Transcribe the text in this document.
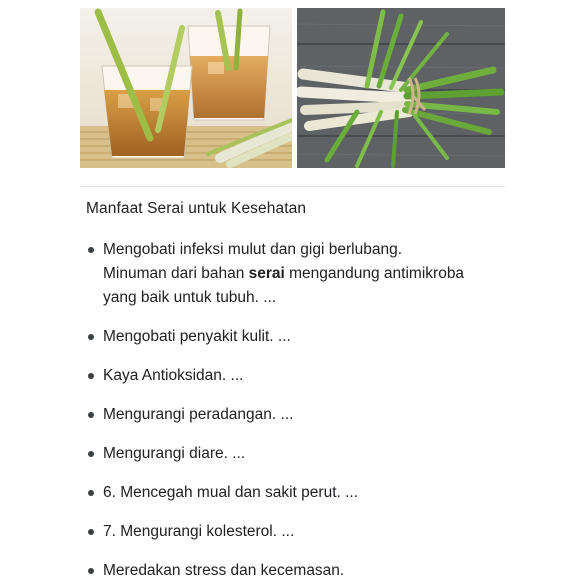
Manfaat Serai untuk Kesehatan
Mengobati infeksi mulut dan gigi berlubang.
Minuman dari bahan serai mengandung antimikroba
yang baik untuk tubuh. ...
Mengobati penyakit kulit. ...
Kaya Antioksidan. ...
Mengurangi peradangan. ...
Mengurangi diare. ...
6. Mencegah mual dan sakit perut. ...
7. Mengurangi kolesterol. ...
Meredakan stress dan kecemasan.
